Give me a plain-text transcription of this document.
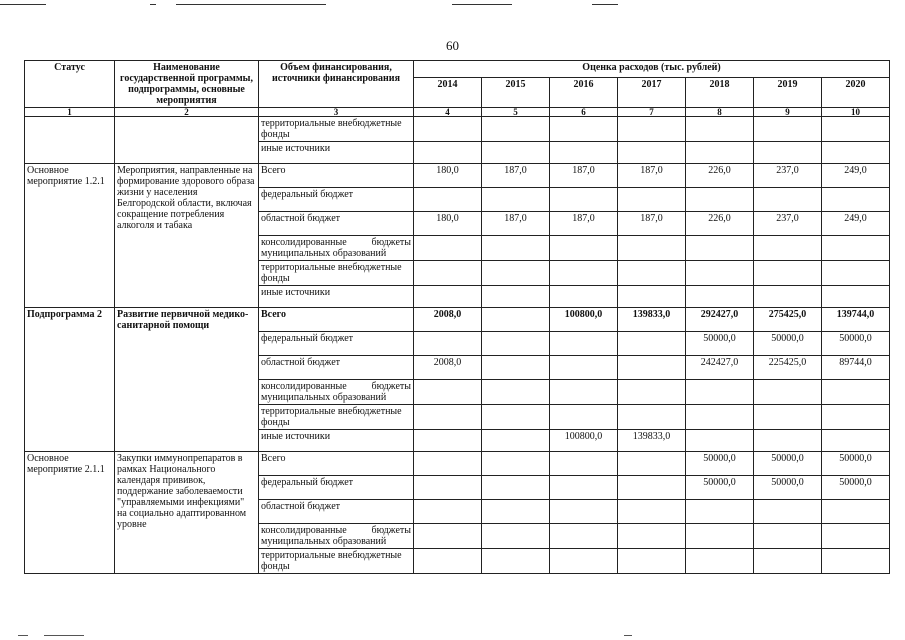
60
Статус	Наименование государственной программы, подпрограммы, основные мероприятия	Объем финансирования, источники финансирования	Оценка расходов (тыс. рублей)						
			2014	2015	2016	2017	2018	2019	2020
1	2	3	4	5	6	7	8	9	10
		территориальные внебюджетные фонды							
		иные источники							
Основное мероприятие 1.2.1	Мероприятия, направленные на формирование здорового образа жизни у населения Белгородской области, включая сокращение потребления алкоголя и табака	Всего	180,0	187,0	187,0	187,0	226,0	237,0	249,0
		федеральный бюджет							
		областной бюджет	180,0	187,0	187,0	187,0	226,0	237,0	249,0

		консолидированные бюджеты
муниципальных образований							

		территориальные внебюджетные фонды							
		иные источники							
Подпрограмма 2	Развитие первичной медико-санитарной помощи	Всего	2008,0		100800,0	139833,0	292427,0	275425,0	139744,0
		федеральный бюджет					50000,0	50000,0	50000,0
		областной бюджет	2008,0				242427,0	225425,0	89744,0

		консолидированные бюджеты
муниципальных образований							

		территориальные внебюджетные фонды							
		иные источники			100800,0	139833,0			
Основное мероприятие 2.1.1	Закупки иммунопрепаратов в рамках Национального календаря прививок, поддержание заболеваемости "управляемыми инфекциями" на социально адаптированном уровне	Всего					50000,0	50000,0	50000,0
		федеральный бюджет					50000,0	50000,0	50000,0
		областной бюджет							

		консолидированные бюджеты
муниципальных образований							

		территориальные внебюджетные фонды							
